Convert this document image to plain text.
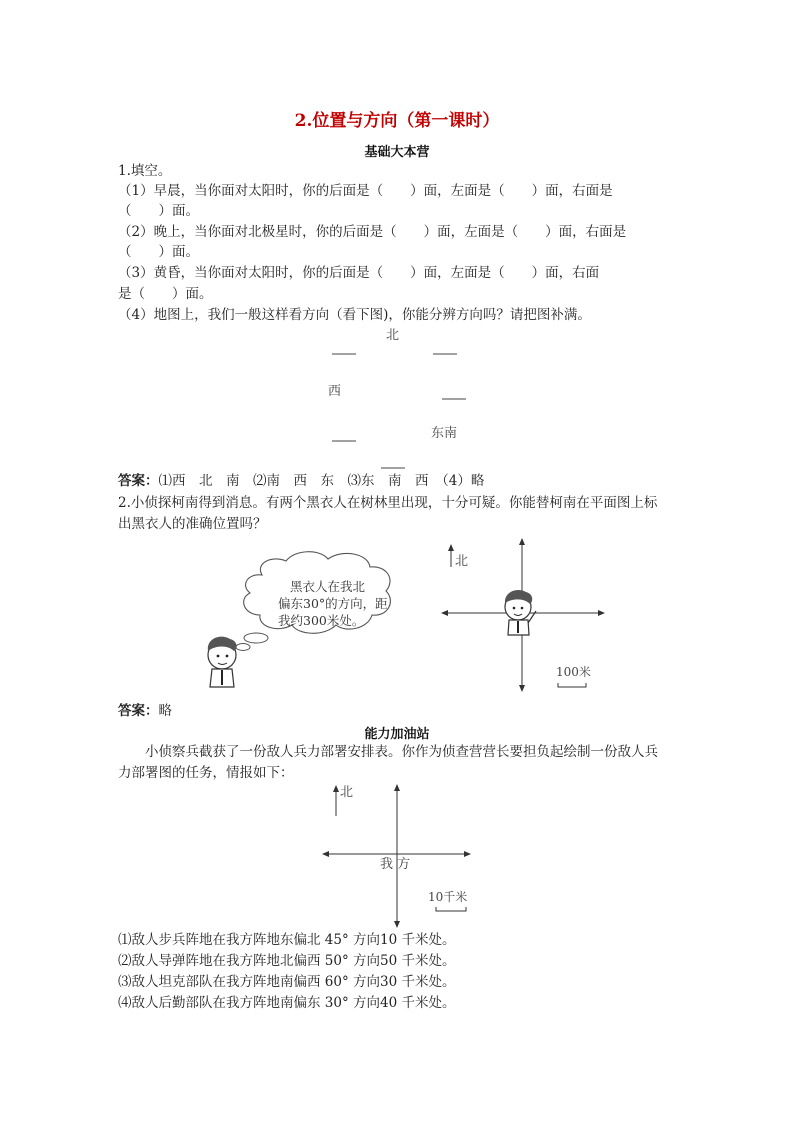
2.位置与方向（第一课时）
基础大本营
1.填空。
（1）早晨，当你面对太阳时，你的后面是（　　）面，左面是（　　）面，右面是
（　　）面。
（2）晚上，当你面对北极星时，你的后面是（　　）面，左面是（　　）面，右面是
（　　）面。
（3）黄昏，当你面对太阳时，你的后面是（　　）面，左面是（　　）面，右面
是（　　）面。
（4）地图上，我们一般这样看方向（看下图)，你能分辨方向吗？请把图补满。
北
西
东南
答案：⑴西　北　南　⑵南　西　东　⑶东　南　西　（4）略
2.小侦探柯南得到消息。有两个黑衣人在树林里出现，十分可疑。你能替柯南在平面图上标
出黑衣人的准确位置吗？
黑衣人在我北
偏东30°的方向，距
我约300米处。
北
100米
答案：略
能力加油站
　　小侦察兵截获了一份敌人兵力部署安排表。你作为侦查营营长要担负起绘制一份敌人兵
力部署图的任务，情报如下：
北
我 方
10千米
⑴敌人步兵阵地在我方阵地东偏北 45° 方向10 千米处。
⑵敌人导弹阵地在我方阵地北偏西 50° 方向50 千米处。
⑶敌人坦克部队在我方阵地南偏西 60° 方向30 千米处。
⑷敌人后勤部队在我方阵地南偏东 30° 方向40 千米处。
